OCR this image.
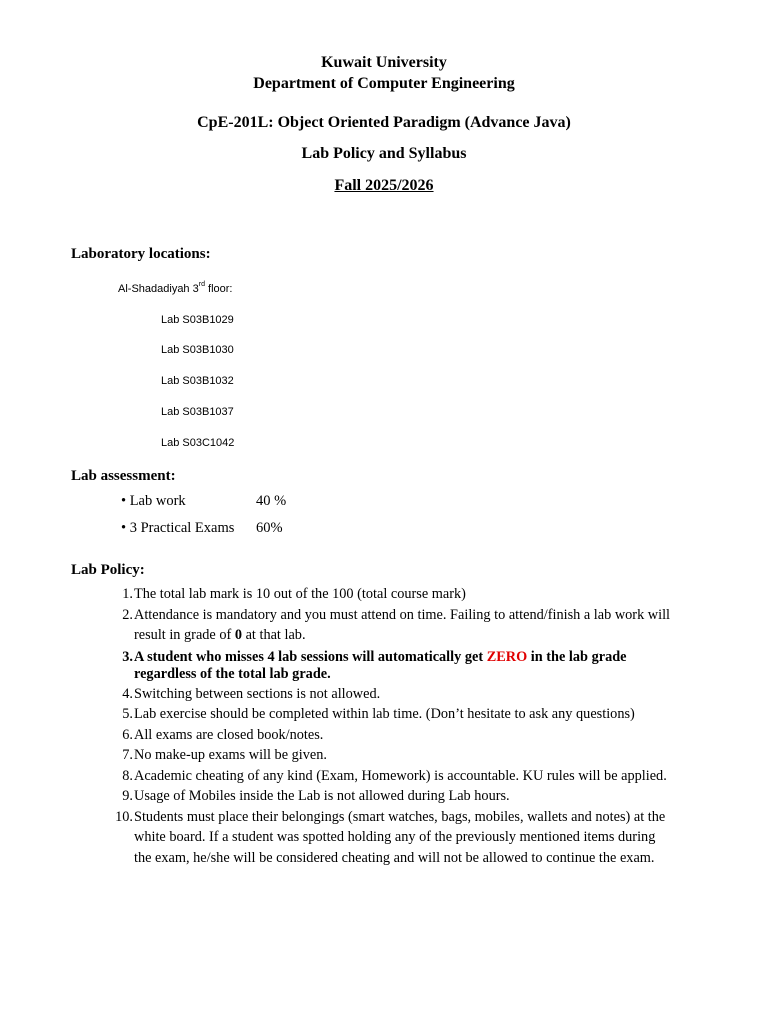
Kuwait University
Department of Computer Engineering
CpE-201L: Object Oriented Paradigm (Advance Java)
Lab Policy and Syllabus
Fall 2025/2026
Laboratory locations:
Al-Shadadiyah 3rd floor:
Lab S03B1029
Lab S03B1030
Lab S03B1032
Lab S03B1037
Lab S03C1042
Lab assessment:
• Lab work	40 %
• 3 Practical Exams 60%
Lab Policy:
1. The total lab mark is 10 out of the 100 (total course mark)
2. Attendance is mandatory and you must attend on time. Failing to attend/finish a lab work will
result in grade of 0 at that lab.
3. A student who misses 4 lab sessions will automatically get ZERO in the lab grade
regardless of the total lab grade.
4. Switching between sections is not allowed.
5. Lab exercise should be completed within lab time. (Don’t hesitate to ask any questions)
6. All exams are closed book/notes.
7. No make-up exams will be given.
8. Academic cheating of any kind (Exam, Homework) is accountable. KU rules will be applied.
9. Usage of Mobiles inside the Lab is not allowed during Lab hours.
10. Students must place their belongings (smart watches, bags, mobiles, wallets and notes) at the
white board. If a student was spotted holding any of the previously mentioned items during
the exam, he/she will be considered cheating and will not be allowed to continue the exam.
